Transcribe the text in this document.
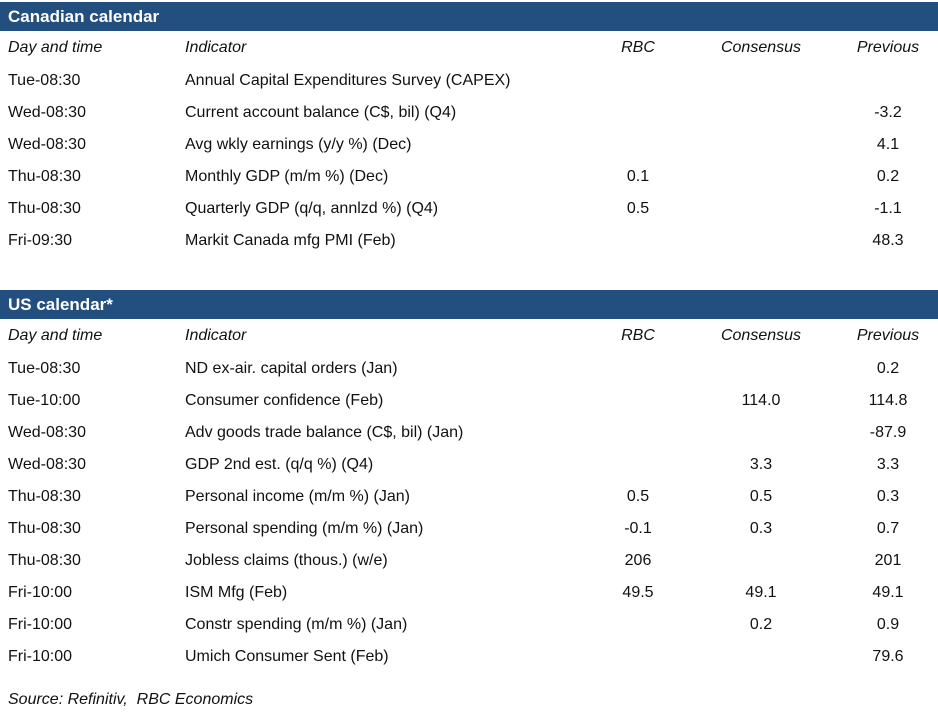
Canadian calendar
Day and time	Indicator	RBC	Consensus	Previous
Tue-08:30	Annual Capital Expenditures Survey (CAPEX)			
Wed-08:30	Current account balance (C$, bil) (Q4)			-3.2
Wed-08:30	Avg wkly earnings (y/y %) (Dec)			4.1
Thu-08:30	Monthly GDP (m/m %) (Dec)	0.1		0.2
Thu-08:30	Quarterly GDP (q/q, annlzd %) (Q4)	0.5		-1.1
Fri-09:30	Markit Canada mfg PMI (Feb)			48.3
US calendar*
Day and time	Indicator	RBC	Consensus	Previous
Tue-08:30	ND ex-air. capital orders (Jan)			0.2
Tue-10:00	Consumer confidence (Feb)		114.0	114.8
Wed-08:30	Adv goods trade balance (C$, bil) (Jan)			-87.9
Wed-08:30	GDP 2nd est. (q/q %) (Q4)		3.3	3.3
Thu-08:30	Personal income (m/m %) (Jan)	0.5	0.5	0.3
Thu-08:30	Personal spending (m/m %) (Jan)	-0.1	0.3	0.7
Thu-08:30	Jobless claims (thous.) (w/e)	206		201
Fri-10:00	ISM Mfg (Feb)	49.5	49.1	49.1
Fri-10:00	Constr spending (m/m %) (Jan)		0.2	0.9
Fri-10:00	Umich Consumer Sent (Feb)			79.6
Source: Refinitiv,  RBC Economics
